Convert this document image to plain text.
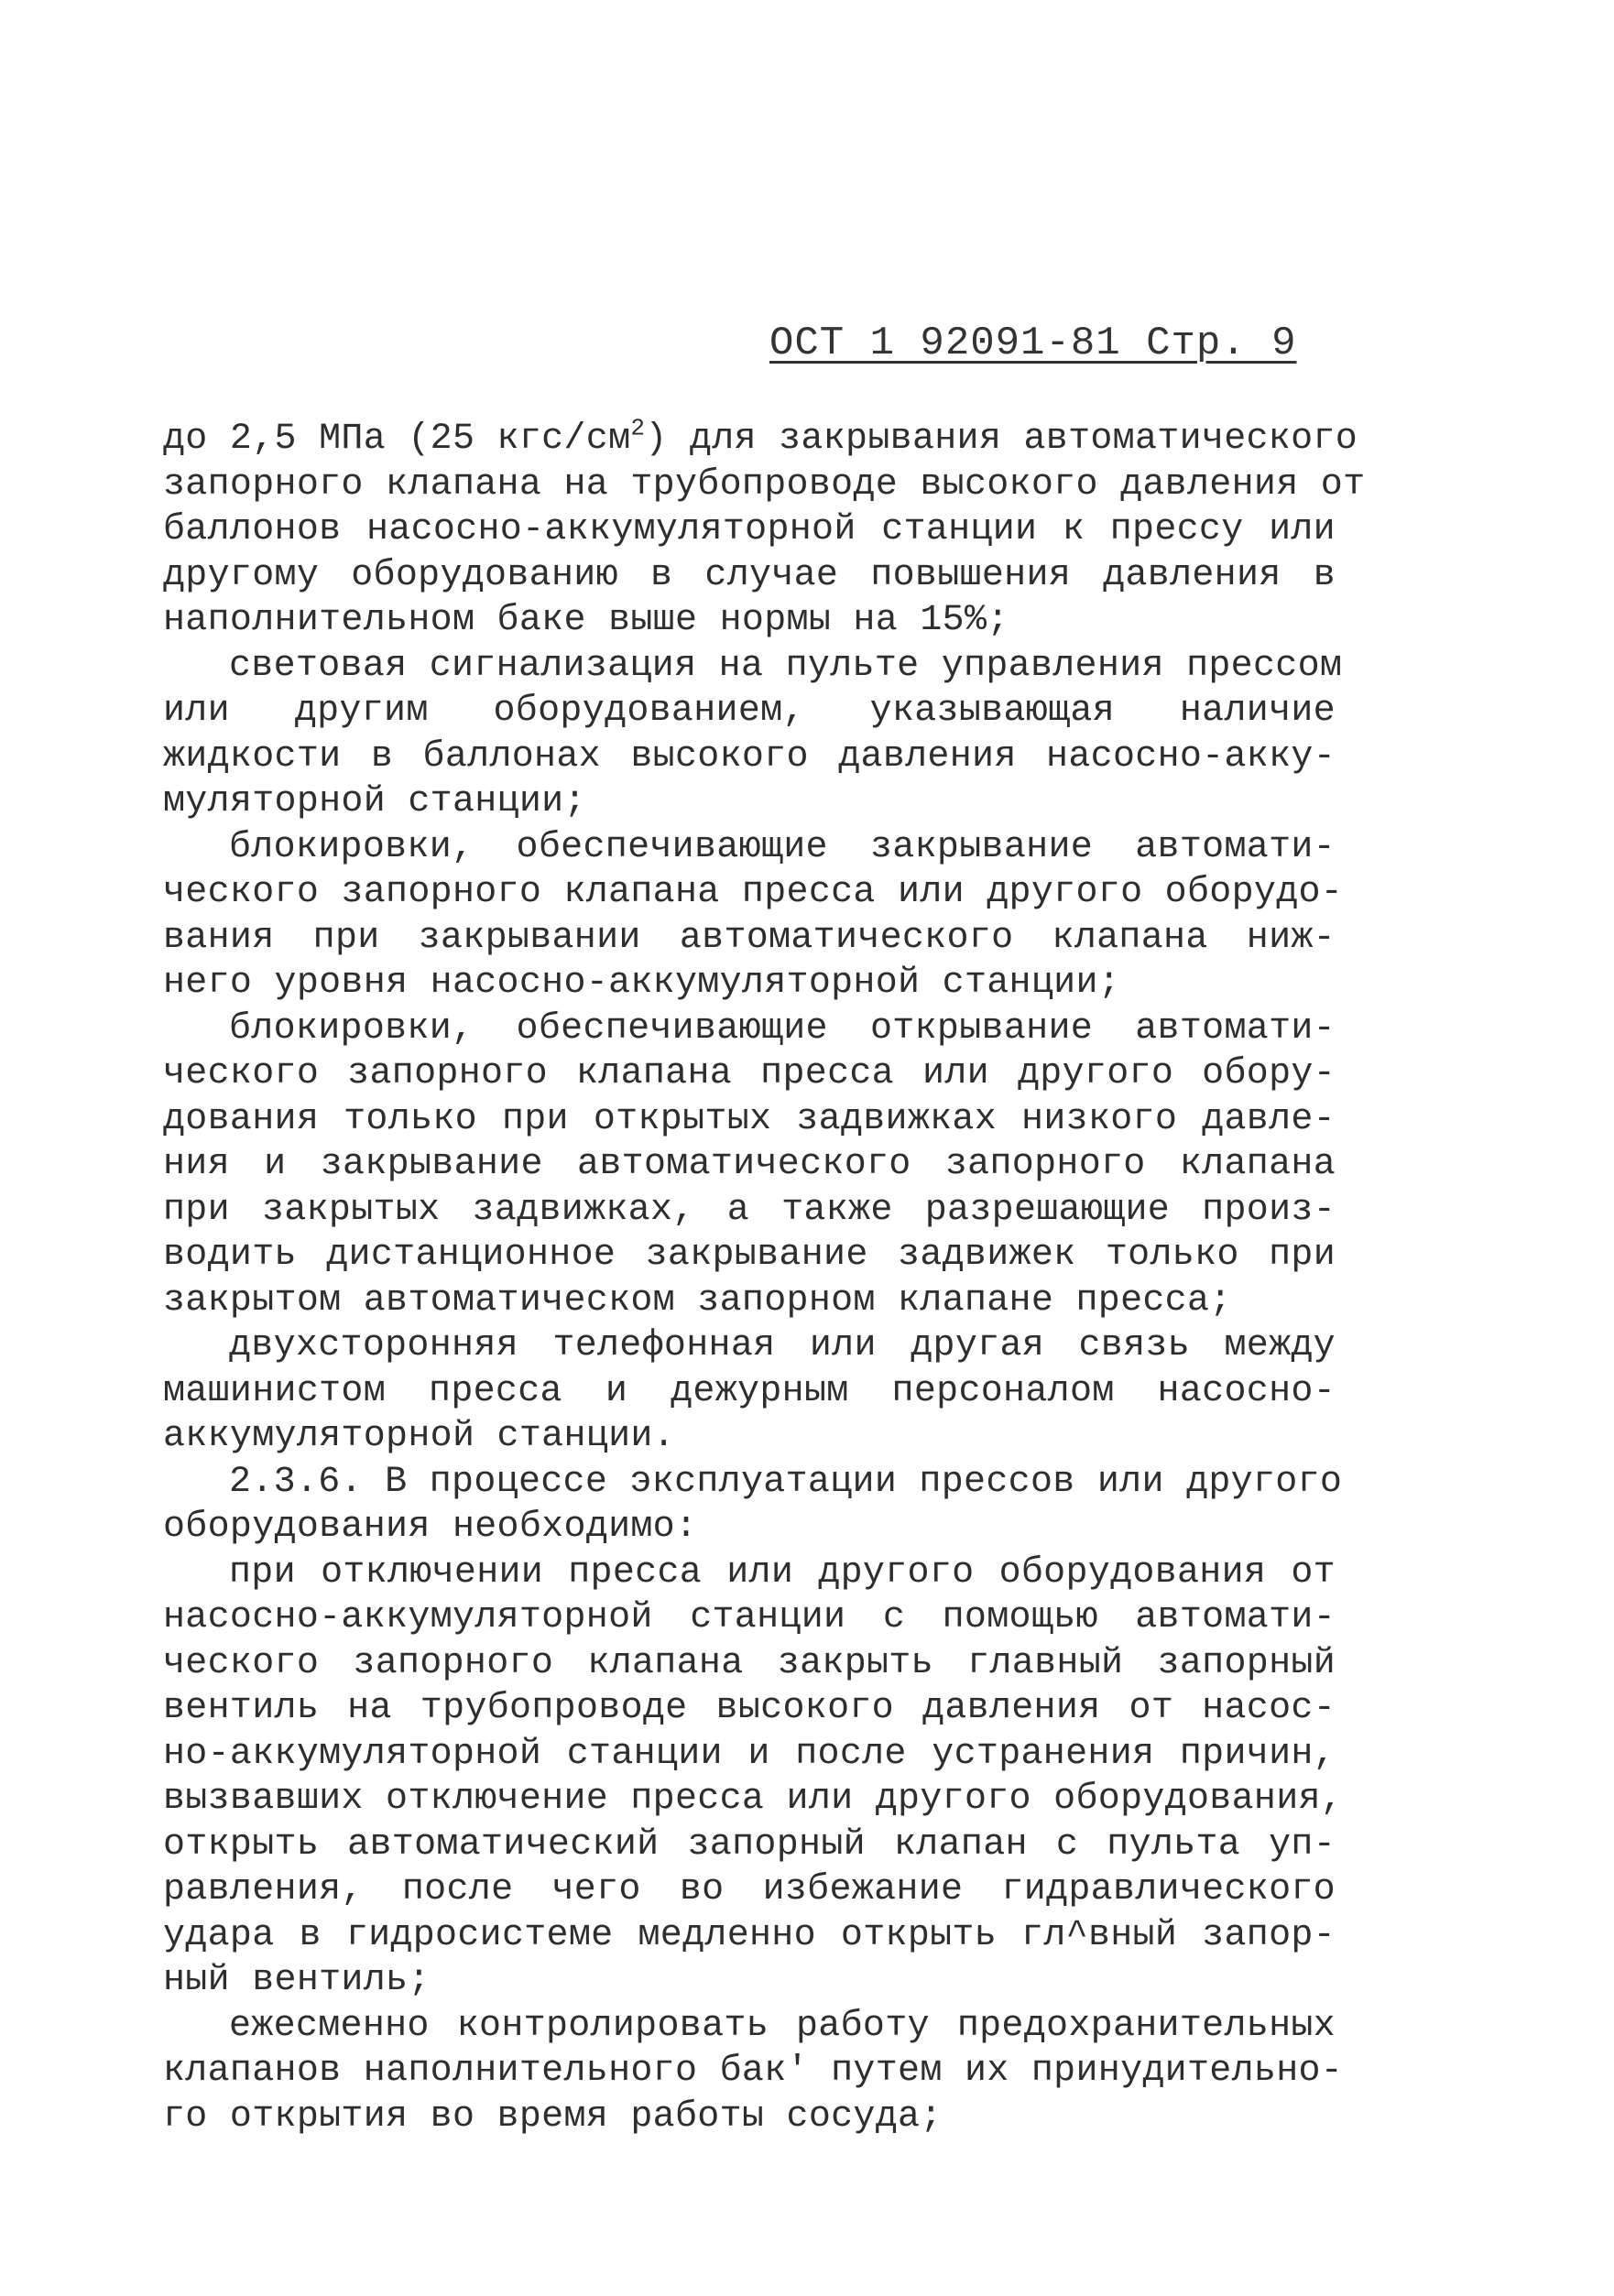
ОСТ 1 92091-81 Стр. 9
до 2,5 МПа (25 кгс/$см^2$) для закрывания автоматического
запорного клапана на трубопроводе высокого давления от
баллонов насосно-аккумуляторной станции к прессу или
другому оборудованию в случае повышения давления в
наполнительном баке выше нормы на 15%;
световая сигнализация на пульте управления прессом
или другим оборудованием, указывающая наличие
жидкости в баллонах высокого давления насосно-акку-
муляторной станции;
блокировки, обеспечивающие закрывание автомати-
ческого запорного клапана пресса или другого оборудо-
вания при закрывании автоматического клапана ниж-
него уровня насосно-аккумуляторной станции;
блокировки, обеспечивающие открывание автомати-
ческого запорного клапана пресса или другого обору-
дования только при открытых задвижках низкого давле-
ния и закрывание автоматического запорного клапана
при закрытых задвижках, а также разрешающие произ-
водить дистанционное закрывание задвижек только при
закрытом автоматическом запорном клапане пресса;
двухсторонняя телефонная или другая связь между
машинистом пресса и дежурным персоналом насосно-
аккумуляторной станции.
2.3.6. В процессе эксплуатации прессов или другого
оборудования необходимо:
при отключении пресса или другого оборудования от
насосно-аккумуляторной станции с помощью автомати-
ческого запорного клапана закрыть главный запорный
вентиль на трубопроводе высокого давления от насос-
но-аккумуляторной станции и после устранения причин,
вызвавших отключение пресса или другого оборудования,
открыть автоматический запорный клапан с пульта уп-
равления, после чего во избежание гидравлического
удара в гидросистеме медленно открыть гл^вный запор-
ный вентиль;
ежесменно контролировать работу предохранительных
клапанов наполнительного бак' путем их принудительно-
го открытия во время работы сосуда;
